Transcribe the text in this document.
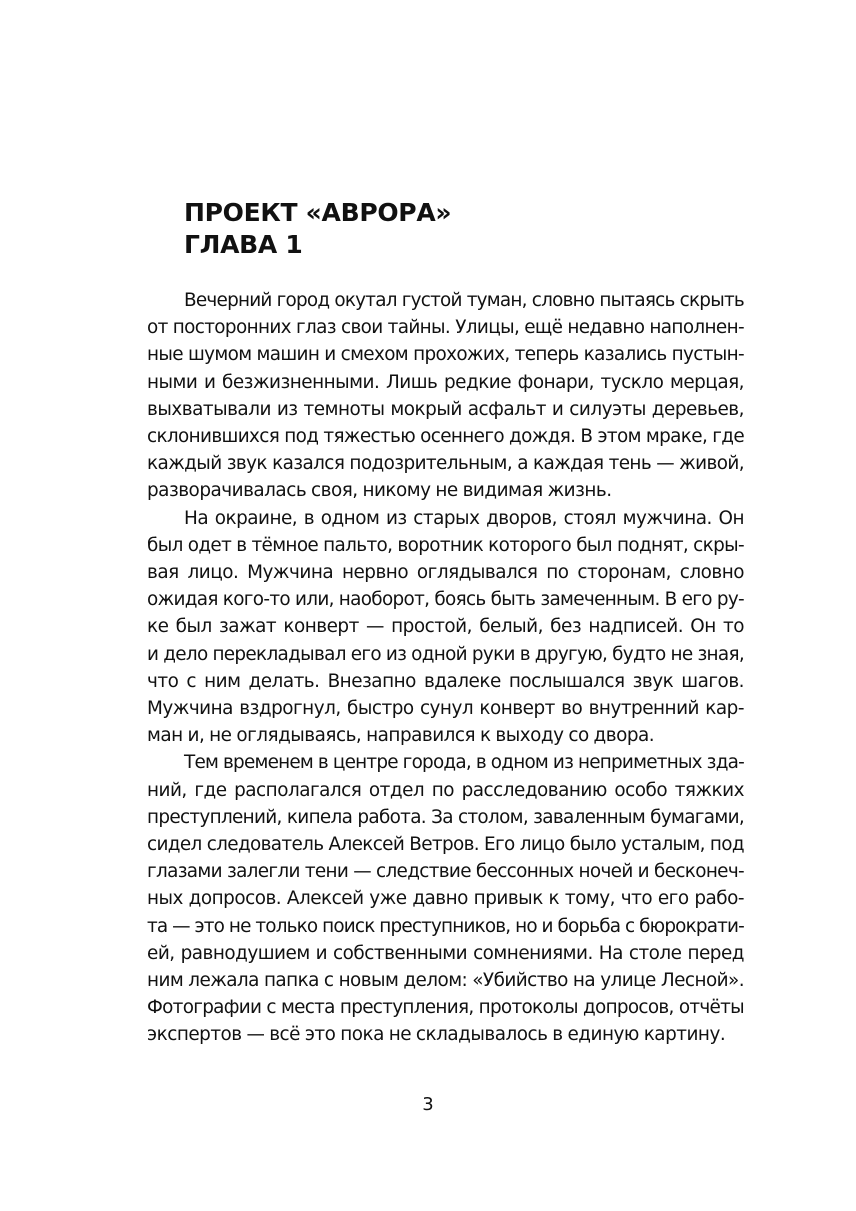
ПРОЕКТ «АВРОРА»
ГЛАВА 1

Вечерний город окутал густой туман, словно пытаясь скрыть
от посторонних глаз свои тайны. Улицы, ещё недавно наполнен-
ные шумом машин и смехом прохожих, теперь казались пустын-
ными и безжизненными. Лишь редкие фонари, тускло мерцая,
выхватывали из темноты мокрый асфальт и силуэты деревьев,
склонившихся под тяжестью осеннего дождя. В этом мраке, где
каждый звук казался подозрительным, а каждая тень — живой,
разворачивалась своя, никому не видимая жизнь.

На окраине, в одном из старых дворов, стоял мужчина. Он
был одет в тёмное пальто, воротник которого был поднят, скры-
вая лицо. Мужчина нервно оглядывался по сторонам, словно
ожидая кого-то или, наоборот, боясь быть замеченным. В его ру-
ке был зажат конверт — простой, белый, без надписей. Он то
и дело перекладывал его из одной руки в другую, будто не зная,
что с ним делать. Внезапно вдалеке послышался звук шагов.
Мужчина вздрогнул, быстро сунул конверт во внутренний кар-
ман и, не оглядываясь, направился к выходу со двора.

Тем временем в центре города, в одном из неприметных зда-
ний, где располагался отдел по расследованию особо тяжких
преступлений, кипела работа. За столом, заваленным бумагами,
сидел следователь Алексей Ветров. Его лицо было усталым, под
глазами залегли тени — следствие бессонных ночей и бесконеч-
ных допросов. Алексей уже давно привык к тому, что его рабо-
та — это не только поиск преступников, но и борьба с бюрократи-
ей, равнодушием и собственными сомнениями. На столе перед
ним лежала папка с новым делом: «Убийство на улице Лесной».
Фотографии с места преступления, протоколы допросов, отчёты
экспертов — всё это пока не складывалось в единую картину.

3
